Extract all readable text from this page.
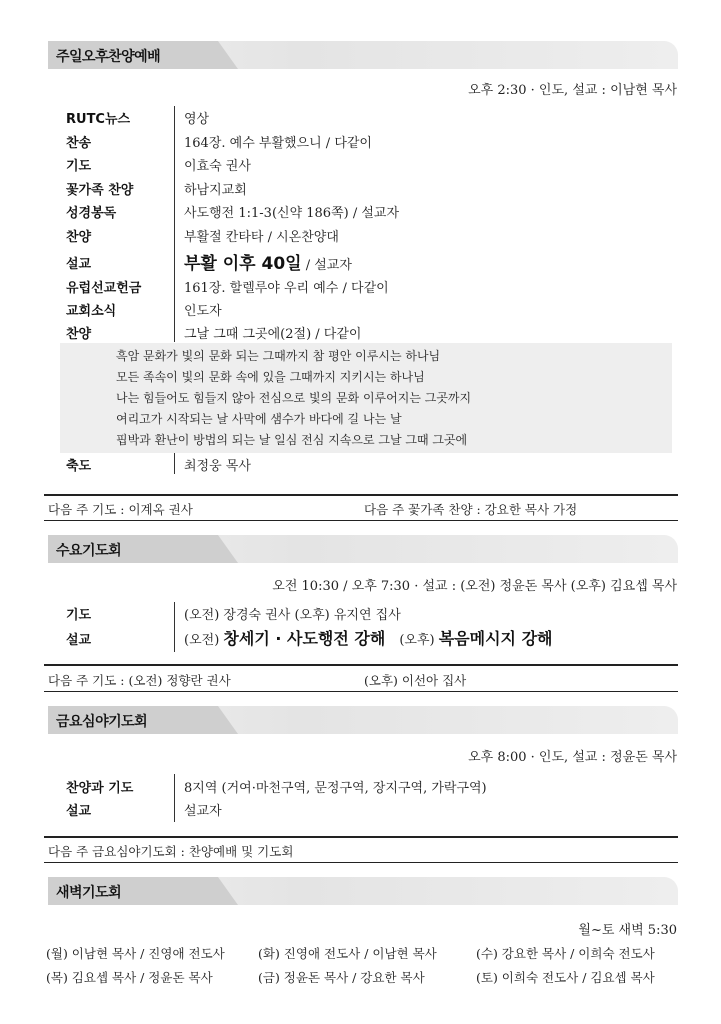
주일오후찬양예배
오후 2:30 · 인도, 설교 : 이남현 목사
RUTC뉴스	영상
찬송	164장. 예수 부활했으니 / 다같이
기도	이효숙 권사
꽃가족 찬양	하남지교회
성경봉독	사도행전 1:1-3(신약 186쪽) / 설교자
찬양	부활절 칸타타 / 시온찬양대
설교	부활 이후 40일 / 설교자
유럽선교헌금	161장. 할렐루야 우리 예수 / 다같이
교회소식	인도자
찬양	그날 그때 그곳에(2절) / 다같이
흑암 문화가 빛의 문화 되는 그때까지 참 평안 이루시는 하나님
모든 족속이 빛의 문화 속에 있을 그때까지 지키시는 하나님
나는 힘들어도 힘들지 않아 전심으로 빛의 문화 이루어지는 그곳까지
여리고가 시작되는 날 사막에 샘수가 바다에 길 나는 날
핍박과 환난이 방법의 되는 날 일심 전심 지속으로 그날 그때 그곳에
축도	최정웅 목사
다음 주 기도 : 이계옥 권사	다음 주 꽃가족 찬양 : 강요한 목사 가정
수요기도회
오전 10:30 / 오후 7:30 · 설교 : (오전) 정윤돈 목사 (오후) 김요셉 목사
기도	(오전) 장경숙 권사 (오후) 유지연 집사
설교	(오전) 창세기 · 사도행전 강해 (오후) 복음메시지 강해
다음 주 기도 : (오전) 정향란 권사	(오후) 이선아 집사
금요심야기도회
오후 8:00 · 인도, 설교 : 정윤돈 목사
찬양과 기도	8지역 (거여·마천구역, 문정구역, 장지구역, 가락구역)
설교	설교자
다음 주 금요심야기도회 : 찬양예배 및 기도회
새벽기도회
월~토 새벽 5:30
(월) 이남현 목사 / 진영애 전도사	(화) 진영애 전도사 / 이남현 목사	(수) 강요한 목사 / 이희숙 전도사
(목) 김요셉 목사 / 정윤돈 목사	(금) 정윤돈 목사 / 강요한 목사	(토) 이희숙 전도사 / 김요셉 목사
